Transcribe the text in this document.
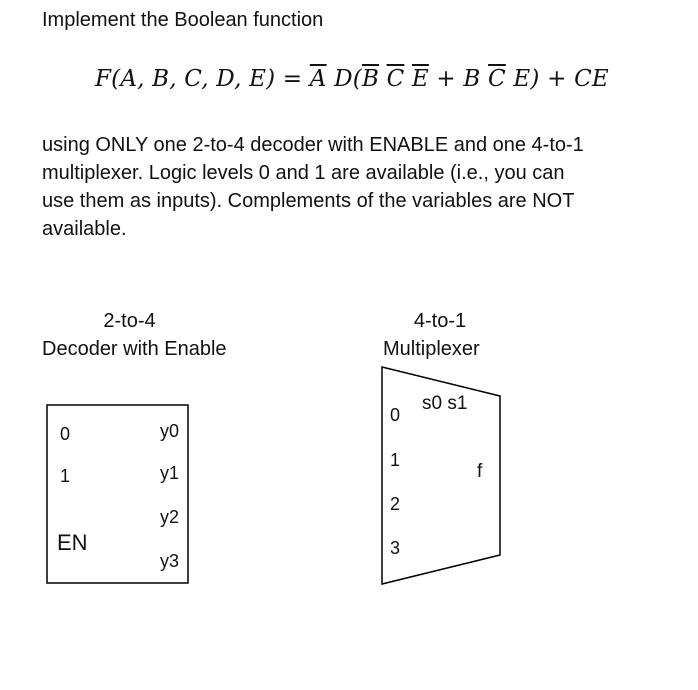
Implement the Boolean function
F(A, B, C, D, $E) = \overline{A}$ $D(\overline{B}$ $\overline{C}$ $\overline{E} + B$ $\overline{C}$ E) + CE
using ONLY one 2-to-4 decoder with ENABLE and one 4-to-1
multiplexer. Logic levels 0 and 1 are available (i.e., you can
use them as inputs). Complements of the variables are NOT
available.
2-to-4
Decoder with Enable
4-to-1
Multiplexer
0
1
EN
y0
y1
y2
y3
0
1
2
3
s0 s1
f
